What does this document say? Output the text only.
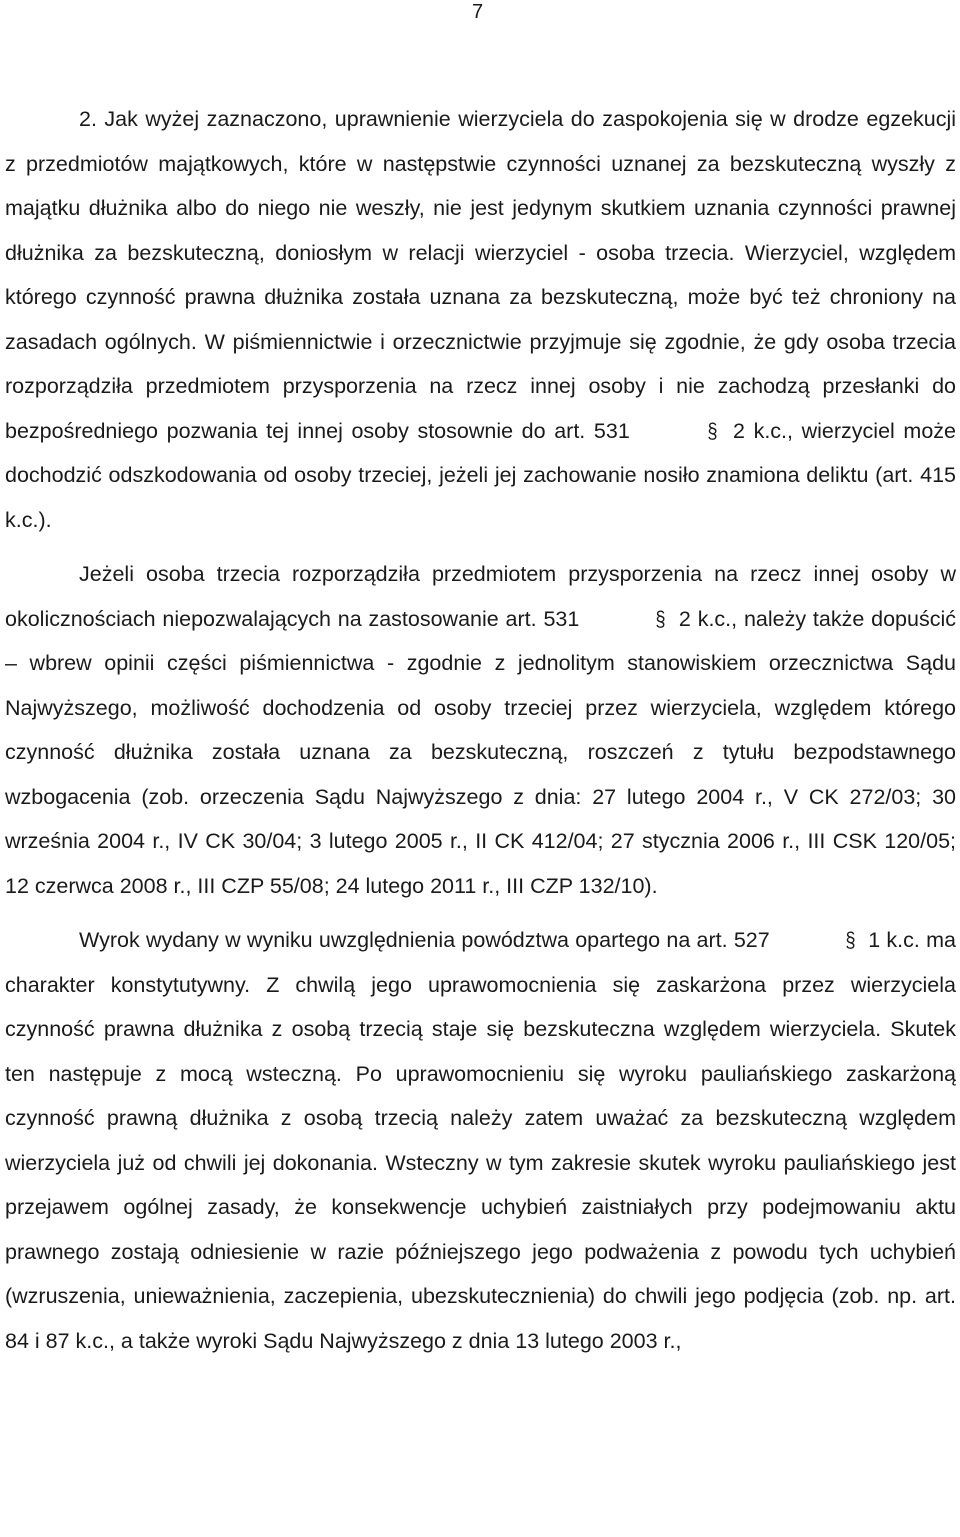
7

2. Jak wyżej zaznaczono, uprawnienie wierzyciela do zaspokojenia się w drodze egzekucji z przedmiotów majątkowych, które w następstwie czynności uznanej za bezskuteczną wyszły z majątku dłużnika albo do niego nie weszły, nie jest jedynym skutkiem uznania czynności prawnej dłużnika za bezskuteczną, doniosłym w relacji wierzyciel - osoba trzecia. Wierzyciel, względem którego czynność prawna dłużnika została uznana za bezskuteczną, może być też chroniony na zasadach ogólnych. W piśmiennictwie i orzecznictwie przyjmuje się zgodnie, że gdy osoba trzecia rozporządziła przedmiotem przysporzenia na rzecz innej osoby i nie zachodzą przesłanki do bezpośredniego pozwania tej innej osoby stosownie do art. 531	§ 2 k.c., wierzyciel może dochodzić odszkodowania od osoby trzeciej, jeżeli jej zachowanie nosiło znamiona deliktu (art. 415 k.c.).

Jeżeli osoba trzecia rozporządziła przedmiotem przysporzenia na rzecz innej osoby w okolicznościach niepozwalających na zastosowanie art. 531	§ 2 k.c., należy także dopuścić – wbrew opinii części piśmiennictwa - zgodnie z jednolitym stanowiskiem orzecznictwa Sądu Najwyższego, możliwość dochodzenia od osoby trzeciej przez wierzyciela, względem którego czynność dłużnika została uznana za bezskuteczną, roszczeń z tytułu bezpodstawnego wzbogacenia (zob. orzeczenia Sądu Najwyższego z dnia: 27 lutego 2004 r., V CK 272/03; 30 września 2004 r., IV CK 30/04; 3 lutego 2005 r., II CK 412/04; 27 stycznia 2006 r., III CSK 120/05; 12 czerwca 2008 r., III CZP 55/08; 24 lutego 2011 r., III CZP 132/10).

Wyrok wydany w wyniku uwzględnienia powództwa opartego na art. 527	§ 1 k.c. ma charakter konstytutywny. Z chwilą jego uprawomocnienia się zaskarżona przez wierzyciela czynność prawna dłużnika z osobą trzecią staje się bezskuteczna względem wierzyciela. Skutek ten następuje z mocą wsteczną. Po uprawomocnieniu się wyroku pauliańskiego zaskarżoną czynność prawną dłużnika z osobą trzecią należy zatem uważać za bezskuteczną względem wierzyciela już od chwili jej dokonania. Wsteczny w tym zakresie skutek wyroku pauliańskiego jest przejawem ogólnej zasady, że konsekwencje uchybień zaistniałych przy podejmowaniu aktu prawnego zostają odniesienie w razie późniejszego jego podważenia z powodu tych uchybień (wzruszenia, unieważnienia, zaczepienia, ubezskutecznienia) do chwili jego podjęcia (zob. np. art. 84 i 87 k.c., a także wyroki Sądu Najwyższego z dnia 13 lutego 2003 r.,
